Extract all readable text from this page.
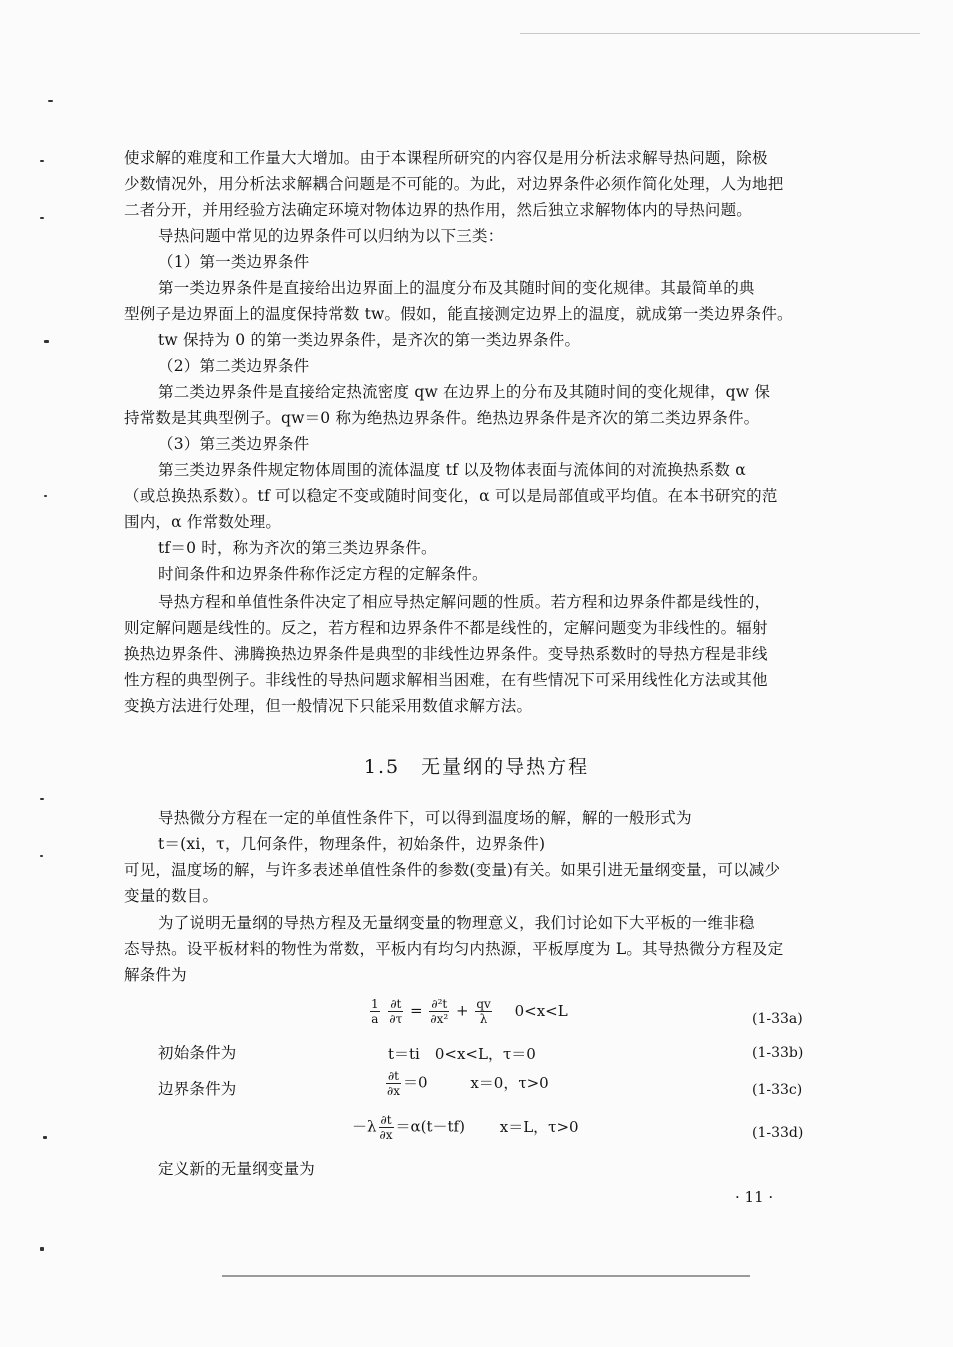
使求解的难度和工作量大大增加。由于本课程所研究的内容仅是用分析法求解导热问题，除极
少数情况外，用分析法求解耦合问题是不可能的。为此，对边界条件必须作简化处理，人为地把
二者分开，并用经验方法确定环境对物体边界的热作用，然后独立求解物体内的导热问题。
导热问题中常见的边界条件可以归纳为以下三类：
（1）第一类边界条件
第一类边界条件是直接给出边界面上的温度分布及其随时间的变化规律。其最简单的典
型例子是边界面上的温度保持常数 tw。假如，能直接测定边界上的温度，就成第一类边界条件。
tw 保持为 0 的第一类边界条件，是齐次的第一类边界条件。
（2）第二类边界条件
第二类边界条件是直接给定热流密度 qw 在边界上的分布及其随时间的变化规律，qw 保
持常数是其典型例子。qw＝0 称为绝热边界条件。绝热边界条件是齐次的第二类边界条件。
（3）第三类边界条件
第三类边界条件规定物体周围的流体温度 tf 以及物体表面与流体间的对流换热系数 α
（或总换热系数）。tf 可以稳定不变或随时间变化，α 可以是局部值或平均值。在本书研究的范
围内，α 作常数处理。
tf＝0 时，称为齐次的第三类边界条件。
时间条件和边界条件称作泛定方程的定解条件。
导热方程和单值性条件决定了相应导热定解问题的性质。若方程和边界条件都是线性的，
则定解问题是线性的。反之，若方程和边界条件不都是线性的，定解问题变为非线性的。辐射
换热边界条件、沸腾换热边界条件是典型的非线性边界条件。变导热系数时的导热方程是非线
性方程的典型例子。非线性的导热问题求解相当困难，在有些情况下可采用线性化方法或其他
变换方法进行处理，但一般情况下只能采用数值求解方法。
1.5　无量纲的导热方程
导热微分方程在一定的单值性条件下，可以得到温度场的解，解的一般形式为
t＝(xi，τ，几何条件，物理条件，初始条件，边界条件)
可见，温度场的解，与许多表述单值性条件的参数(变量)有关。如果引进无量纲变量，可以减少
变量的数目。
为了说明无量纲的导热方程及无量纲变量的物理意义，我们讨论如下大平板的一维非稳
态导热。设平板材料的物性为常数，平板内有均匀内热源，平板厚度为 L。其导热微分方程及定
解条件为
$\frac{1}{a}$
$\frac{\partial t}{\partial\tau} = \frac{\text{∂²t}}{\text{∂x²}} + \frac{qv}{\lambda} 0<x<L$	(1-33a)
初始条件为	t＝ti　0<x<L，τ＝0	(1-33b)
边界条件为	$\frac{\partial t}{\partial x} =0$	x＝0，τ>0	(1-33c)
$-\lambda \frac{\partial t}{\partial x} =\alpha(t-tf)$ x＝L，τ>0	(1-33d)
定义新的无量纲变量为
· 11 ·
